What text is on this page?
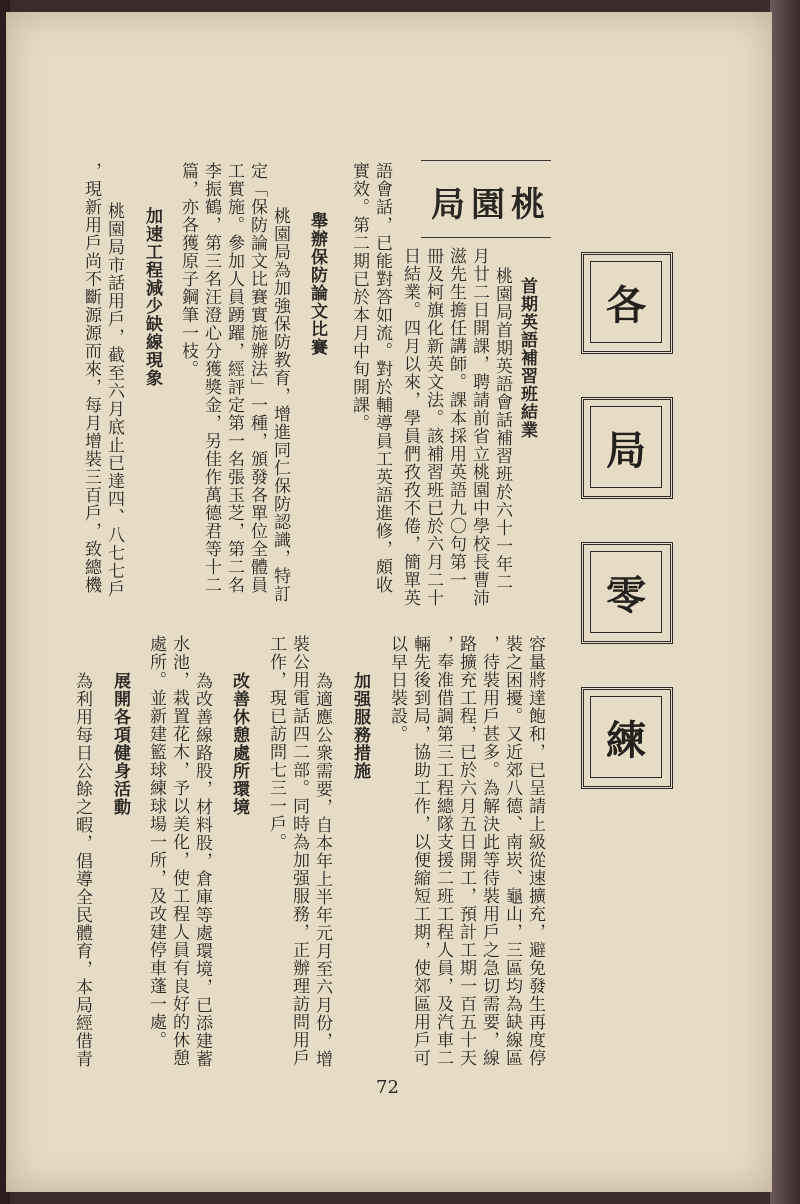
各
局
零
練
桃園局
首期英語補習班結業
桃園局首期英語會話補習班於六十一年二
月廿二日開課，聘請前省立桃園中學校長曹沛
滋先生擔任講師。課本採用英語九〇句第一
冊及柯旗化新英文法。該補習班已於六月二十
日結業。四月以來，學員們孜孜不倦，簡單英
語會話，已能對答如流。對於輔導員工英語進修，頗收
實效。第二期已於本月中旬開課。
舉辦保防論文比賽
桃園局為加強保防教育，增進同仁保防認識，特訂
定「保防論文比賽實施辦法」一種，頒發各單位全體員
工實施。參加人員踴躍，經評定第一名張玉芝，第二名
李振鶴，第三名汪澄心分獲獎金，另佳作萬德君等十二
篇，亦各獲原子鋼筆一枝。
加速工程減少缺線現象
桃園局市話用戶，截至六月底止已達四、八七七戶
，現新用戶尚不斷源源而來，每月增裝三百戶，致總機
容量將達飽和，已呈請上級從速擴充，避免發生再度停
裝之困擾。又近郊八德、南崁、龜山，三區均為缺線區
，待裝用戶甚多。為解決此等待裝用戶之急切需要，線
路擴充工程，已於六月五日開工，預計工期一百五十天
，奉准借調第三工程總隊支援二班工程人員，及汽車二
輛先後到局，協助工作，以便縮短工期，使郊區用戶可
以早日裝設。
加强服務措施
為適應公衆需要，自本年上半年元月至六月份，增
裝公用電話四二部。同時為加强服務，正辦理訪問用戶
工作，現已訪問七三一戶。
改善休憩處所環境
為改善線路股，材料股，倉庫等處環境，已添建蓄
水池，栽置花木，予以美化，使工程人員有良好的休憩
處所。並新建籃球練球場一所，及改建停車蓬一處。
展開各項健身活動
為利用每日公餘之暇，倡導全民體育，本局經借青
72
